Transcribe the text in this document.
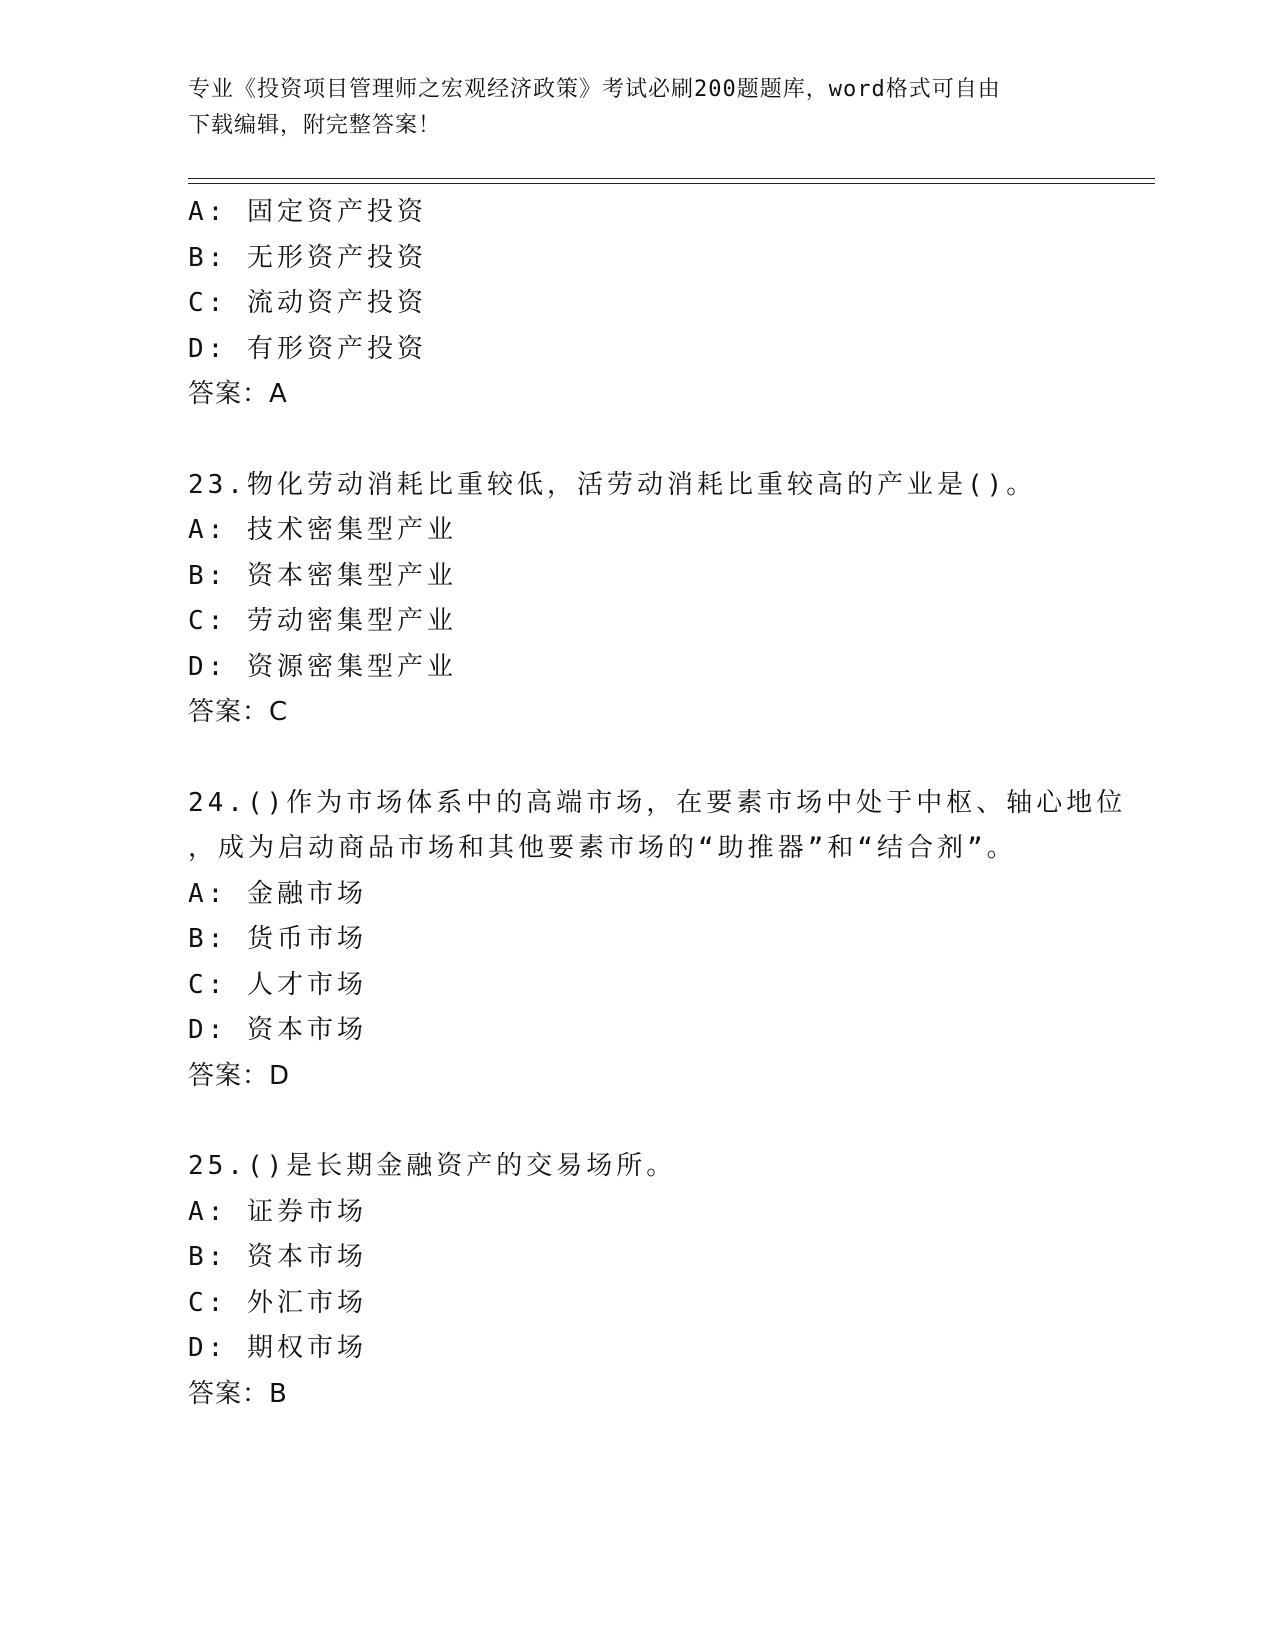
专业《投资项目管理师之宏观经济政策》考试必刷200题题库，word格式可自由
下载编辑，附完整答案！
A: 固定资产投资
B: 无形资产投资
C: 流动资产投资
D: 有形资产投资
答案：A
23.物化劳动消耗比重较低，活劳动消耗比重较高的产业是()。
A: 技术密集型产业
B: 资本密集型产业
C: 劳动密集型产业
D: 资源密集型产业
答案：C
24.()作为市场体系中的高端市场，在要素市场中处于中枢、轴心地位
，成为启动商品市场和其他要素市场的“助推器”和“结合剂”。
A: 金融市场
B: 货币市场
C: 人才市场
D: 资本市场
答案：D
25.()是长期金融资产的交易场所。
A: 证券市场
B: 资本市场
C: 外汇市场
D: 期权市场
答案：B
